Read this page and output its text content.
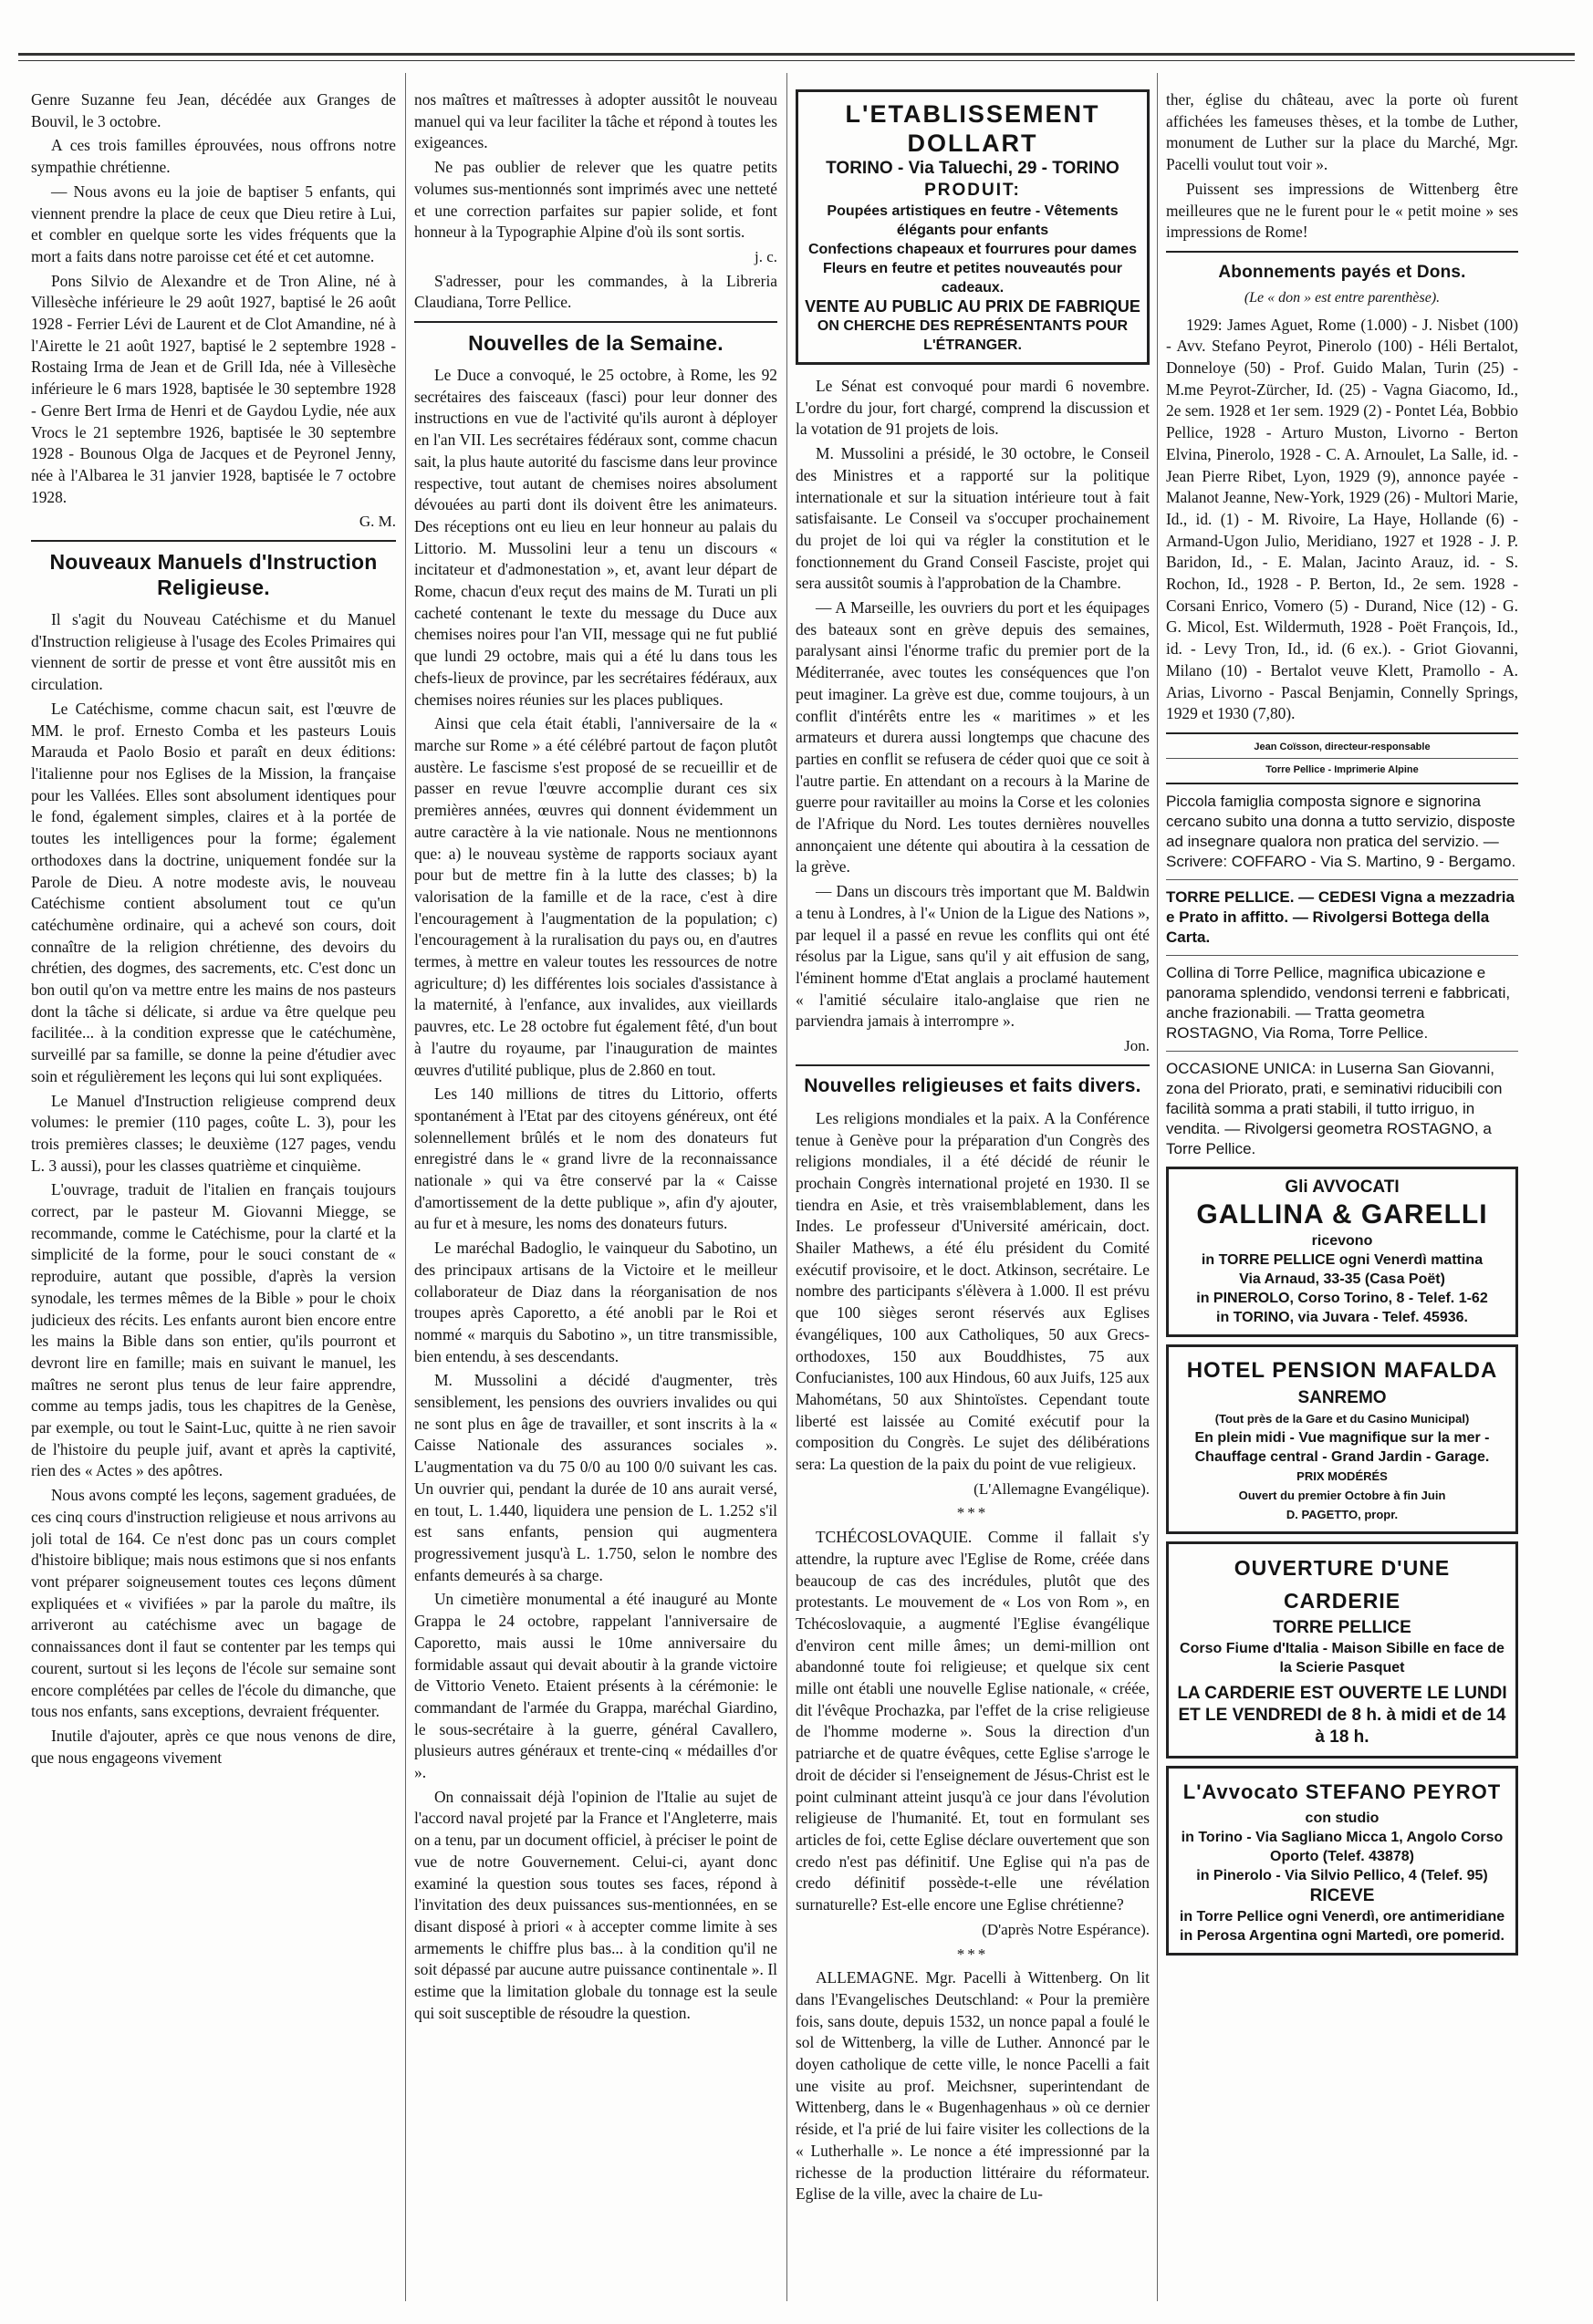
Genre Suzanne feu Jean, décédée aux Granges de Bouvil, le 3 octobre.

A ces trois familles éprouvées, nous offrons notre sympathie chrétienne.

— Nous avons eu la joie de baptiser 5 enfants, qui viennent prendre la place de ceux que Dieu retire à Lui, et combler en quelque sorte les vides fréquents que la mort a faits dans notre paroisse cet été et cet automne.

Pons Silvio de Alexandre et de Tron Aline, né à Villesèche inférieure le 29 août 1927, baptisé le 26 août 1928 - Ferrier Lévi de Laurent et de Clot Amandine, né à l'Airette le 21 août 1927, baptisé le 2 septembre 1928 - Rostaing Irma de Jean et de Grill Ida, née à Villesèche inférieure le 6 mars 1928, baptisée le 30 septembre 1928 - Genre Bert Irma de Henri et de Gaydou Lydie, née aux Vrocs le 21 septembre 1926, baptisée le 30 septembre 1928 - Bounous Olga de Jacques et de Peyronel Jenny, née à l'Albarea le 31 janvier 1928, baptisée le 7 octobre 1928.

G. M.

Nouveaux Manuels d'Instruction Religieuse.

Il s'agit du Nouveau Catéchisme et du Manuel d'Instruction religieuse à l'usage des Ecoles Primaires qui viennent de sortir de presse et vont être aussitôt mis en circulation.

Le Catéchisme, comme chacun sait, est l'œuvre de MM. le prof. Ernesto Comba et les pasteurs Louis Marauda et Paolo Bosio et paraît en deux éditions: l'italienne pour nos Eglises de la Mission, la française pour les Vallées. Elles sont absolument identiques pour le fond, également simples, claires et à la portée de toutes les intelligences pour la forme; également orthodoxes dans la doctrine, uniquement fondée sur la Parole de Dieu. A notre modeste avis, le nouveau Catéchisme contient absolument tout ce qu'un catéchumène ordinaire, qui a achevé son cours, doit connaître de la religion chrétienne, des devoirs du chrétien, des dogmes, des sacrements, etc. C'est donc un bon outil qu'on va mettre entre les mains de nos pasteurs dont la tâche si délicate, si ardue va être quelque peu facilitée... à la condition expresse que le catéchumène, surveillé par sa famille, se donne la peine d'étudier avec soin et régulièrement les leçons qui lui sont expliquées.

Le Manuel d'Instruction religieuse comprend deux volumes: le premier (110 pages, coûte L. 3), pour les trois premières classes; le deuxième (127 pages, vendu L. 3 aussi), pour les classes quatrième et cinquième.

L'ouvrage, traduit de l'italien en français toujours correct, par le pasteur M. Giovanni Miegge, se recommande, comme le Catéchisme, pour la clarté et la simplicité de la forme, pour le souci constant de « reproduire, autant que possible, d'après la version synodale, les termes mêmes de la Bible » pour le choix judicieux des récits. Les enfants auront bien encore entre les mains la Bible dans son entier, qu'ils pourront et devront lire en famille; mais en suivant le manuel, les maîtres ne seront plus tenus de leur faire apprendre, comme au temps jadis, tous les chapitres de la Genèse, par exemple, ou tout le Saint-Luc, quitte à ne rien savoir de l'histoire du peuple juif, avant et après la captivité, rien des « Actes » des apôtres.

Nous avons compté les leçons, sagement graduées, de ces cinq cours d'instruction religieuse et nous arrivons au joli total de 164. Ce n'est donc pas un cours complet d'histoire biblique; mais nous estimons que si nos enfants vont préparer soigneusement toutes ces leçons dûment expliquées et « vivifiées » par la parole du maître, ils arriveront au catéchisme avec un bagage de connaissances dont il faut se contenter par les temps qui courent, surtout si les leçons de l'école sur semaine sont encore complétées par celles de l'école du dimanche, que tous nos enfants, sans exceptions, devraient fréquenter.

Inutile d'ajouter, après ce que nous venons de dire, que nous engageons vivement

nos maîtres et maîtresses à adopter aussitôt le nouveau manuel qui va leur faciliter la tâche et répond à toutes les exigeances.

Ne pas oublier de relever que les quatre petits volumes sus-mentionnés sont imprimés avec une netteté et une correction parfaites sur papier solide, et font honneur à la Typographie Alpine d'où ils sont sortis.

j. c.

S'adresser, pour les commandes, à la Libreria Claudiana, Torre Pellice.

Nouvelles de la Semaine.

Le Duce a convoqué, le 25 octobre, à Rome, les 92 secrétaires des faisceaux (fasci) pour leur donner des instructions en vue de l'activité qu'ils auront à déployer en l'an VII. Les secrétaires fédéraux sont, comme chacun sait, la plus haute autorité du fascisme dans leur province respective, tout autant de chemises noires absolument dévouées au parti dont ils doivent être les animateurs. Des réceptions ont eu lieu en leur honneur au palais du Littorio. M. Mussolini leur a tenu un discours « incitateur et d'admonestation », et, avant leur départ de Rome, chacun d'eux reçut des mains de M. Turati un pli cacheté contenant le texte du message du Duce aux chemises noires pour l'an VII, message qui ne fut publié que lundi 29 octobre, mais qui a été lu dans tous les chefs-lieux de province, par les secrétaires fédéraux, aux chemises noires réunies sur les places publiques.

Ainsi que cela était établi, l'anniversaire de la « marche sur Rome » a été célébré partout de façon plutôt austère. Le fascisme s'est proposé de se recueillir et de passer en revue l'œuvre accomplie durant ces six premières années, œuvres qui donnent évidemment un autre caractère à la vie nationale. Nous ne mentionnons que: a) le nouveau système de rapports sociaux ayant pour but de mettre fin à la lutte des classes; b) la valorisation de la famille et de la race, c'est à dire l'encouragement à l'augmentation de la population; c) l'encouragement à la ruralisation du pays ou, en d'autres termes, à mettre en valeur toutes les ressources de notre agriculture; d) les différentes lois sociales d'assistance à la maternité, à l'enfance, aux invalides, aux vieillards pauvres, etc. Le 28 octobre fut également fêté, d'un bout à l'autre du royaume, par l'inauguration de maintes œuvres d'utilité publique, plus de 2.860 en tout.

Les 140 millions de titres du Littorio, offerts spontanément à l'Etat par des citoyens généreux, ont été solennellement brûlés et le nom des donateurs fut enregistré dans le « grand livre de la reconnaissance nationale » qui va être conservé par la « Caisse d'amortissement de la dette publique », afin d'y ajouter, au fur et à mesure, les noms des donateurs futurs.

Le maréchal Badoglio, le vainqueur du Sabotino, un des principaux artisans de la Victoire et le meilleur collaborateur de Diaz dans la réorganisation de nos troupes après Caporetto, a été anobli par le Roi et nommé « marquis du Sabotino », un titre transmissible, bien entendu, à ses descendants.

M. Mussolini a décidé d'augmenter, très sensiblement, les pensions des ouvriers invalides ou qui ne sont plus en âge de travailler, et sont inscrits à la « Caisse Nationale des assurances sociales ». L'augmentation va du 75 0/0 au 100 0/0 suivant les cas. Un ouvrier qui, pendant la durée de 10 ans aurait versé, en tout, L. 1.440, liquidera une pension de L. 1.252 s'il est sans enfants, pension qui augmentera progressivement jusqu'à L. 1.750, selon le nombre des enfants demeurés à sa charge.

Un cimetière monumental a été inauguré au Monte Grappa le 24 octobre, rappelant l'anniversaire de Caporetto, mais aussi le 10me anniversaire du formidable assaut qui devait aboutir à la grande victoire de Vittorio Veneto. Etaient présents à la cérémonie: le commandant de l'armée du Grappa, maréchal Giardino, le sous-secrétaire à la guerre, général Cavallero, plusieurs autres généraux et trente-cinq « médailles d'or ».

On connaissait déjà l'opinion de l'Italie au sujet de l'accord naval projeté par la France et l'Angleterre, mais on a tenu, par un document officiel, à préciser le point de vue de notre Gouvernement. Celui-ci, ayant donc examiné la question sous toutes ses faces, répond à l'invitation des deux puissances sus-mentionnées, en se disant disposé à priori « à accepter comme limite à ses armements le chiffre plus bas... à la condition qu'il ne soit dépassé par aucune autre puissance continentale ». Il estime que la limitation globale du tonnage est la seule qui soit susceptible de résoudre la question.

L'ETABLISSEMENT DOLLART
TORINO - Via Taluechi, 29 - TORINO
PRODUIT:
Poupées artistiques en feutre - Vêtements élégants pour enfants
Confections chapeaux et fourrures pour dames
Fleurs en feutre et petites nouveautés pour cadeaux.
VENTE AU PUBLIC AU PRIX DE FABRIQUE
ON CHERCHE DES REPRÉSENTANTS POUR L'ÉTRANGER.

Le Sénat est convoqué pour mardi 6 novembre. L'ordre du jour, fort chargé, comprend la discussion et la votation de 91 projets de lois.

M. Mussolini a présidé, le 30 octobre, le Conseil des Ministres et a rapporté sur la politique internationale et sur la situation intérieure tout à fait satisfaisante. Le Conseil va s'occuper prochainement du projet de loi qui va régler la constitution et le fonctionnement du Grand Conseil Fasciste, projet qui sera aussitôt soumis à l'approbation de la Chambre.

— A Marseille, les ouvriers du port et les équipages des bateaux sont en grève depuis des semaines, paralysant ainsi l'énorme trafic du premier port de la Méditerranée, avec toutes les conséquences que l'on peut imaginer. La grève est due, comme toujours, à un conflit d'intérêts entre les « maritimes » et les armateurs et durera aussi longtemps que chacune des parties en conflit se refusera de céder quoi que ce soit à l'autre partie. En attendant on a recours à la Marine de guerre pour ravitailler au moins la Corse et les colonies de l'Afrique du Nord. Les toutes dernières nouvelles annonçaient une détente qui aboutira à la cessation de la grève.

— Dans un discours très important que M. Baldwin a tenu à Londres, à l'« Union de la Ligue des Nations », par lequel il a passé en revue les conflits qui ont été résolus par la Ligue, sans qu'il y ait effusion de sang, l'éminent homme d'Etat anglais a proclamé hautement « l'amitié séculaire italo-anglaise que rien ne parviendra jamais à interrompre ».

Jon.

Nouvelles religieuses et faits divers.

Les religions mondiales et la paix. A la Conférence tenue à Genève pour la préparation d'un Congrès des religions mondiales, il a été décidé de réunir le prochain Congrès international projeté en 1930. Il se tiendra en Asie, et très vraisemblablement, dans les Indes. Le professeur d'Université américain, doct. Shailer Mathews, a été élu président du Comité exécutif provisoire, et le doct. Atkinson, secrétaire. Le nombre des participants s'élèvera à 1.000. Il est prévu que 100 sièges seront réservés aux Eglises évangéliques, 100 aux Catholiques, 50 aux Grecs-orthodoxes, 150 aux Bouddhistes, 75 aux Confucianistes, 100 aux Hindous, 60 aux Juifs, 125 aux Mahométans, 50 aux Shintoïstes. Cependant toute liberté est laissée au Comité exécutif pour la composition du Congrès. Le sujet des délibérations sera: La question de la paix du point de vue religieux.

(L'Allemagne Evangélique).

***

TCHÉCOSLOVAQUIE. Comme il fallait s'y attendre, la rupture avec l'Eglise de Rome, créée dans beaucoup de cas des incrédules, plutôt que des protestants. Le mouvement de « Los von Rom », en Tchécoslovaquie, a augmenté l'Eglise évangélique d'environ cent mille âmes; un demi-million ont abandonné toute foi religieuse; et quelque six cent mille ont établi une nouvelle Eglise nationale, « créée, dit l'évêque Prochazka, par l'effet de la crise religieuse de l'homme moderne ». Sous la direction d'un patriarche et de quatre évêques, cette Eglise s'arroge le droit de décider si l'enseignement de Jésus-Christ est le point culminant atteint jusqu'à ce jour dans l'évolution religieuse de l'humanité. Et, tout en formulant ses articles de foi, cette Eglise déclare ouvertement que son credo n'est pas définitif. Une Eglise qui n'a pas de credo définitif possède-t-elle une révélation surnaturelle? Est-elle encore une Eglise chrétienne?

(D'après Notre Espérance).

***

ALLEMAGNE. Mgr. Pacelli à Wittenberg. On lit dans l'Evangelisches Deutschland: « Pour la première fois, sans doute, depuis 1532, un nonce papal a foulé le sol de Wittenberg, la ville de Luther. Annoncé par le doyen catholique de cette ville, le nonce Pacelli a fait une visite au prof. Meichsner, superintendant de Wittenberg, dans le « Bugenhagenhaus » où ce dernier réside, et l'a prié de lui faire visiter les collections de la « Lutherhalle ». Le nonce a été impressionné par la richesse de la production littéraire du réformateur. Eglise de la ville, avec la chaire de Lu-

ther, église du château, avec la porte où furent affichées les fameuses thèses, et la tombe de Luther, monument de Luther sur la place du Marché, Mgr. Pacelli voulut tout voir ».

Puissent ses impressions de Wittenberg être meilleures que ne le furent pour le « petit moine » ses impressions de Rome!

Abonnements payés et Dons.

(Le « don » est entre parenthèse).

1929: James Aguet, Rome (1.000) - J. Nisbet (100) - Avv. Stefano Peyrot, Pinerolo (100) - Héli Bertalot, Donneloye (50) - Prof. Guido Malan, Turin (25) - M.me Peyrot-Zürcher, Id. (25) - Vagna Giacomo, Id., 2e sem. 1928 et 1er sem. 1929 (2) - Pontet Léa, Bobbio Pellice, 1928 - Arturo Muston, Livorno - Berton Elvina, Pinerolo, 1928 - C. A. Arnoulet, La Salle, id. - Jean Pierre Ribet, Lyon, 1929 (9), annonce payée - Malanot Jeanne, New-York, 1929 (26) - Multori Marie, Id., id. (1) - M. Rivoire, La Haye, Hollande (6) - Armand-Ugon Julio, Meridiano, 1927 et 1928 - J. P. Baridon, Id., - E. Malan, Jacinto Arauz, id. - S. Rochon, Id., 1928 - P. Berton, Id., 2e sem. 1928 - Corsani Enrico, Vomero (5) - Durand, Nice (12) - G. G. Micol, Est. Wildermuth, 1928 - Poët François, Id., id. - Levy Tron, Id., id. (6 ex.). - Griot Giovanni, Milano (10) - Bertalot veuve Klett, Pramollo - A. Arias, Livorno - Pascal Benjamin, Connelly Springs, 1929 et 1930 (7,80).

Jean Coïsson, directeur-responsable
Torre Pellice - Imprimerie Alpine
Piccola famiglia composta signore e signorina cercano subito una donna a tutto servizio, disposte ad insegnare qualora non pratica del servizio. — Scrivere: COFFARO - Via S. Martino, 9 - Bergamo.
TORRE PELLICE. — CEDESI Vigna a mezzadria e Prato in affitto. — Rivolgersi Bottega della Carta.
Collina di Torre Pellice, magnifica ubicazione e panorama splendido, vendonsi terreni e fabbricati, anche frazionabili. — Tratta geometra ROSTAGNO, Via Roma, Torre Pellice.
OCCASIONE UNICA: in Luserna San Giovanni, zona del Priorato, prati, e seminativi riducibili con facilità somma a prati stabili, il tutto irriguo, in vendita. — Rivolgersi geometra ROSTAGNO, a Torre Pellice.
Gli AVVOCATI
GALLINA & GARELLI
ricevono
in TORRE PELLICE ogni Venerdì mattina
Via Arnaud, 33-35 (Casa Poët)
in PINEROLO, Corso Torino, 8 - Telef. 1-62
in TORINO, via Juvara - Telef. 45936.
HOTEL PENSION MAFALDA
SANREMO
(Tout près de la Gare et du Casino Municipal)
En plein midi - Vue magnifique sur la mer - Chauffage central - Grand Jardin - Garage.
PRIX MODÉRÉS
Ouvert du premier Octobre à fin Juin
D. PAGETTO, propr.
OUVERTURE D'UNE CARDERIE
TORRE PELLICE
Corso Fiume d'Italia - Maison Sibille en face de la Scierie Pasquet
LA CARDERIE EST OUVERTE LE LUNDI ET LE VENDREDI de 8 h. à midi et de 14 à 18 h.
L'Avvocato STEFANO PEYROT
con studio
in Torino - Via Sagliano Micca 1, Angolo Corso Oporto (Telef. 43878)
in Pinerolo - Via Silvio Pellico, 4 (Telef. 95)
RICEVE
in Torre Pellice ogni Venerdì, ore antimeridiane
in Perosa Argentina ogni Martedì, ore pomerid.
